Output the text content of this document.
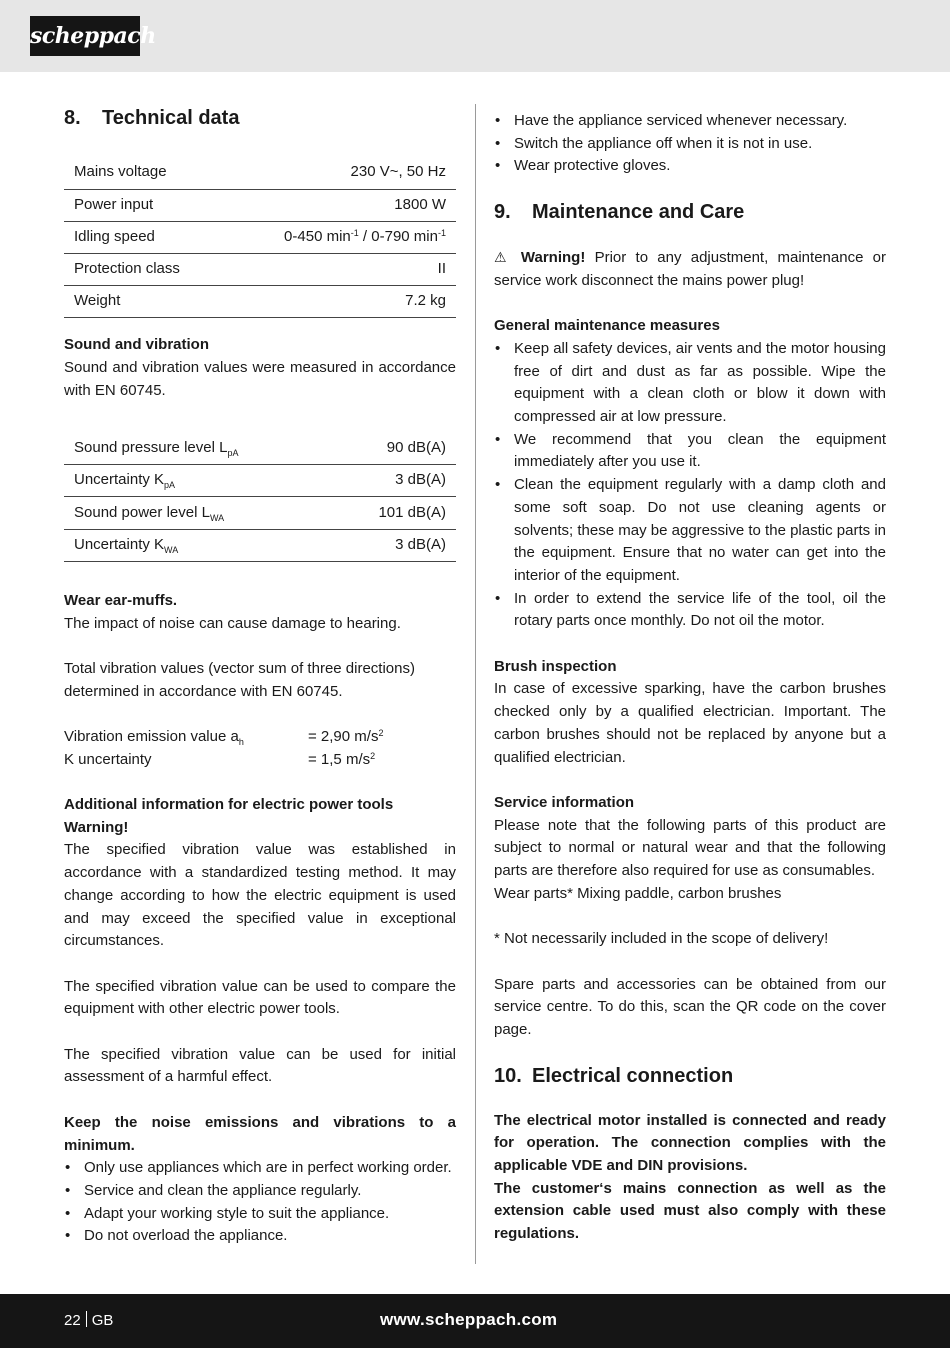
scheppach
8.	Technical data
Mains voltage	230 V~, 50 Hz
Power input	1800 W
Idling speed	0-450 $\min^{-1} / 0-790$ $\min^{-1}$
Protection class	II
Weight	7.2 kg

Sound and vibration

Sound and vibration values were measured in accordance with EN 60745.

Sound pressure level $L_{pA}$	90 dB(A)
Uncertainty $K_{pA}$	3 dB(A)
Sound power level $L_{WA}$	101 dB(A)
Uncertainty $K_{WA}$	3 dB(A)

Wear ear-muffs.

The impact of noise can cause damage to hearing.

Total vibration values (vector sum of three directions) determined in accordance with EN 60745.

Vibration emission value $a_h$	= 2,90 $m/s^2$
K uncertainty	= 1,5 $m/s^2$

Additional information for electric power tools

Warning!

The specified vibration value was established in accordance with a standardized testing method. It may change according to how the electric equipment is used and may exceed the specified value in exceptional circumstances.

The specified vibration value can be used to compare the equipment with other electric power tools.

The specified vibration value can be used for initial assessment of a harmful effect.

Keep the noise emissions and vibrations to a minimum.

• Only use appliances which are in perfect working order.
• Service and clean the appliance regularly.
• Adapt your working style to suit the appliance.
• Do not overload the appliance.
• Have the appliance serviced whenever necessary.
• Switch the appliance off when it is not in use.
• Wear protective gloves.
9.	Maintenance and Care

⚠ Warning! Prior to any adjustment, maintenance or service work disconnect the mains power plug!

General maintenance measures

• Keep all safety devices, air vents and the motor housing free of dirt and dust as far as possible. Wipe the equipment with a clean cloth or blow it down with compressed air at low pressure.
• We recommend that you clean the equipment immediately after you use it.
• Clean the equipment regularly with a damp cloth and some soft soap. Do not use cleaning agents or solvents; these may be aggressive to the plastic parts in the equipment. Ensure that no water can get into the interior of the equipment.
• In order to extend the service life of the tool, oil the rotary parts once monthly. Do not oil the motor.

Brush inspection

In case of excessive sparking, have the carbon brushes checked only by a qualified electrician. Important. The carbon brushes should not be replaced by anyone but a qualified electrician.

Service information

Please note that the following parts of this product are subject to normal or natural wear and that the following parts are therefore also required for use as consumables.

Wear parts* Mixing paddle, carbon brushes

* Not necessarily included in the scope of delivery!

Spare parts and accessories can be obtained from our service centre. To do this, scan the QR code on the cover page.

10. Electrical connection

The electrical motor installed is connected and ready for operation. The connection complies with the applicable VDE and DIN provisions.

The customer‘s mains connection as well as the extension cable used must also comply with these regulations.

22 GB	www.scheppach.com
